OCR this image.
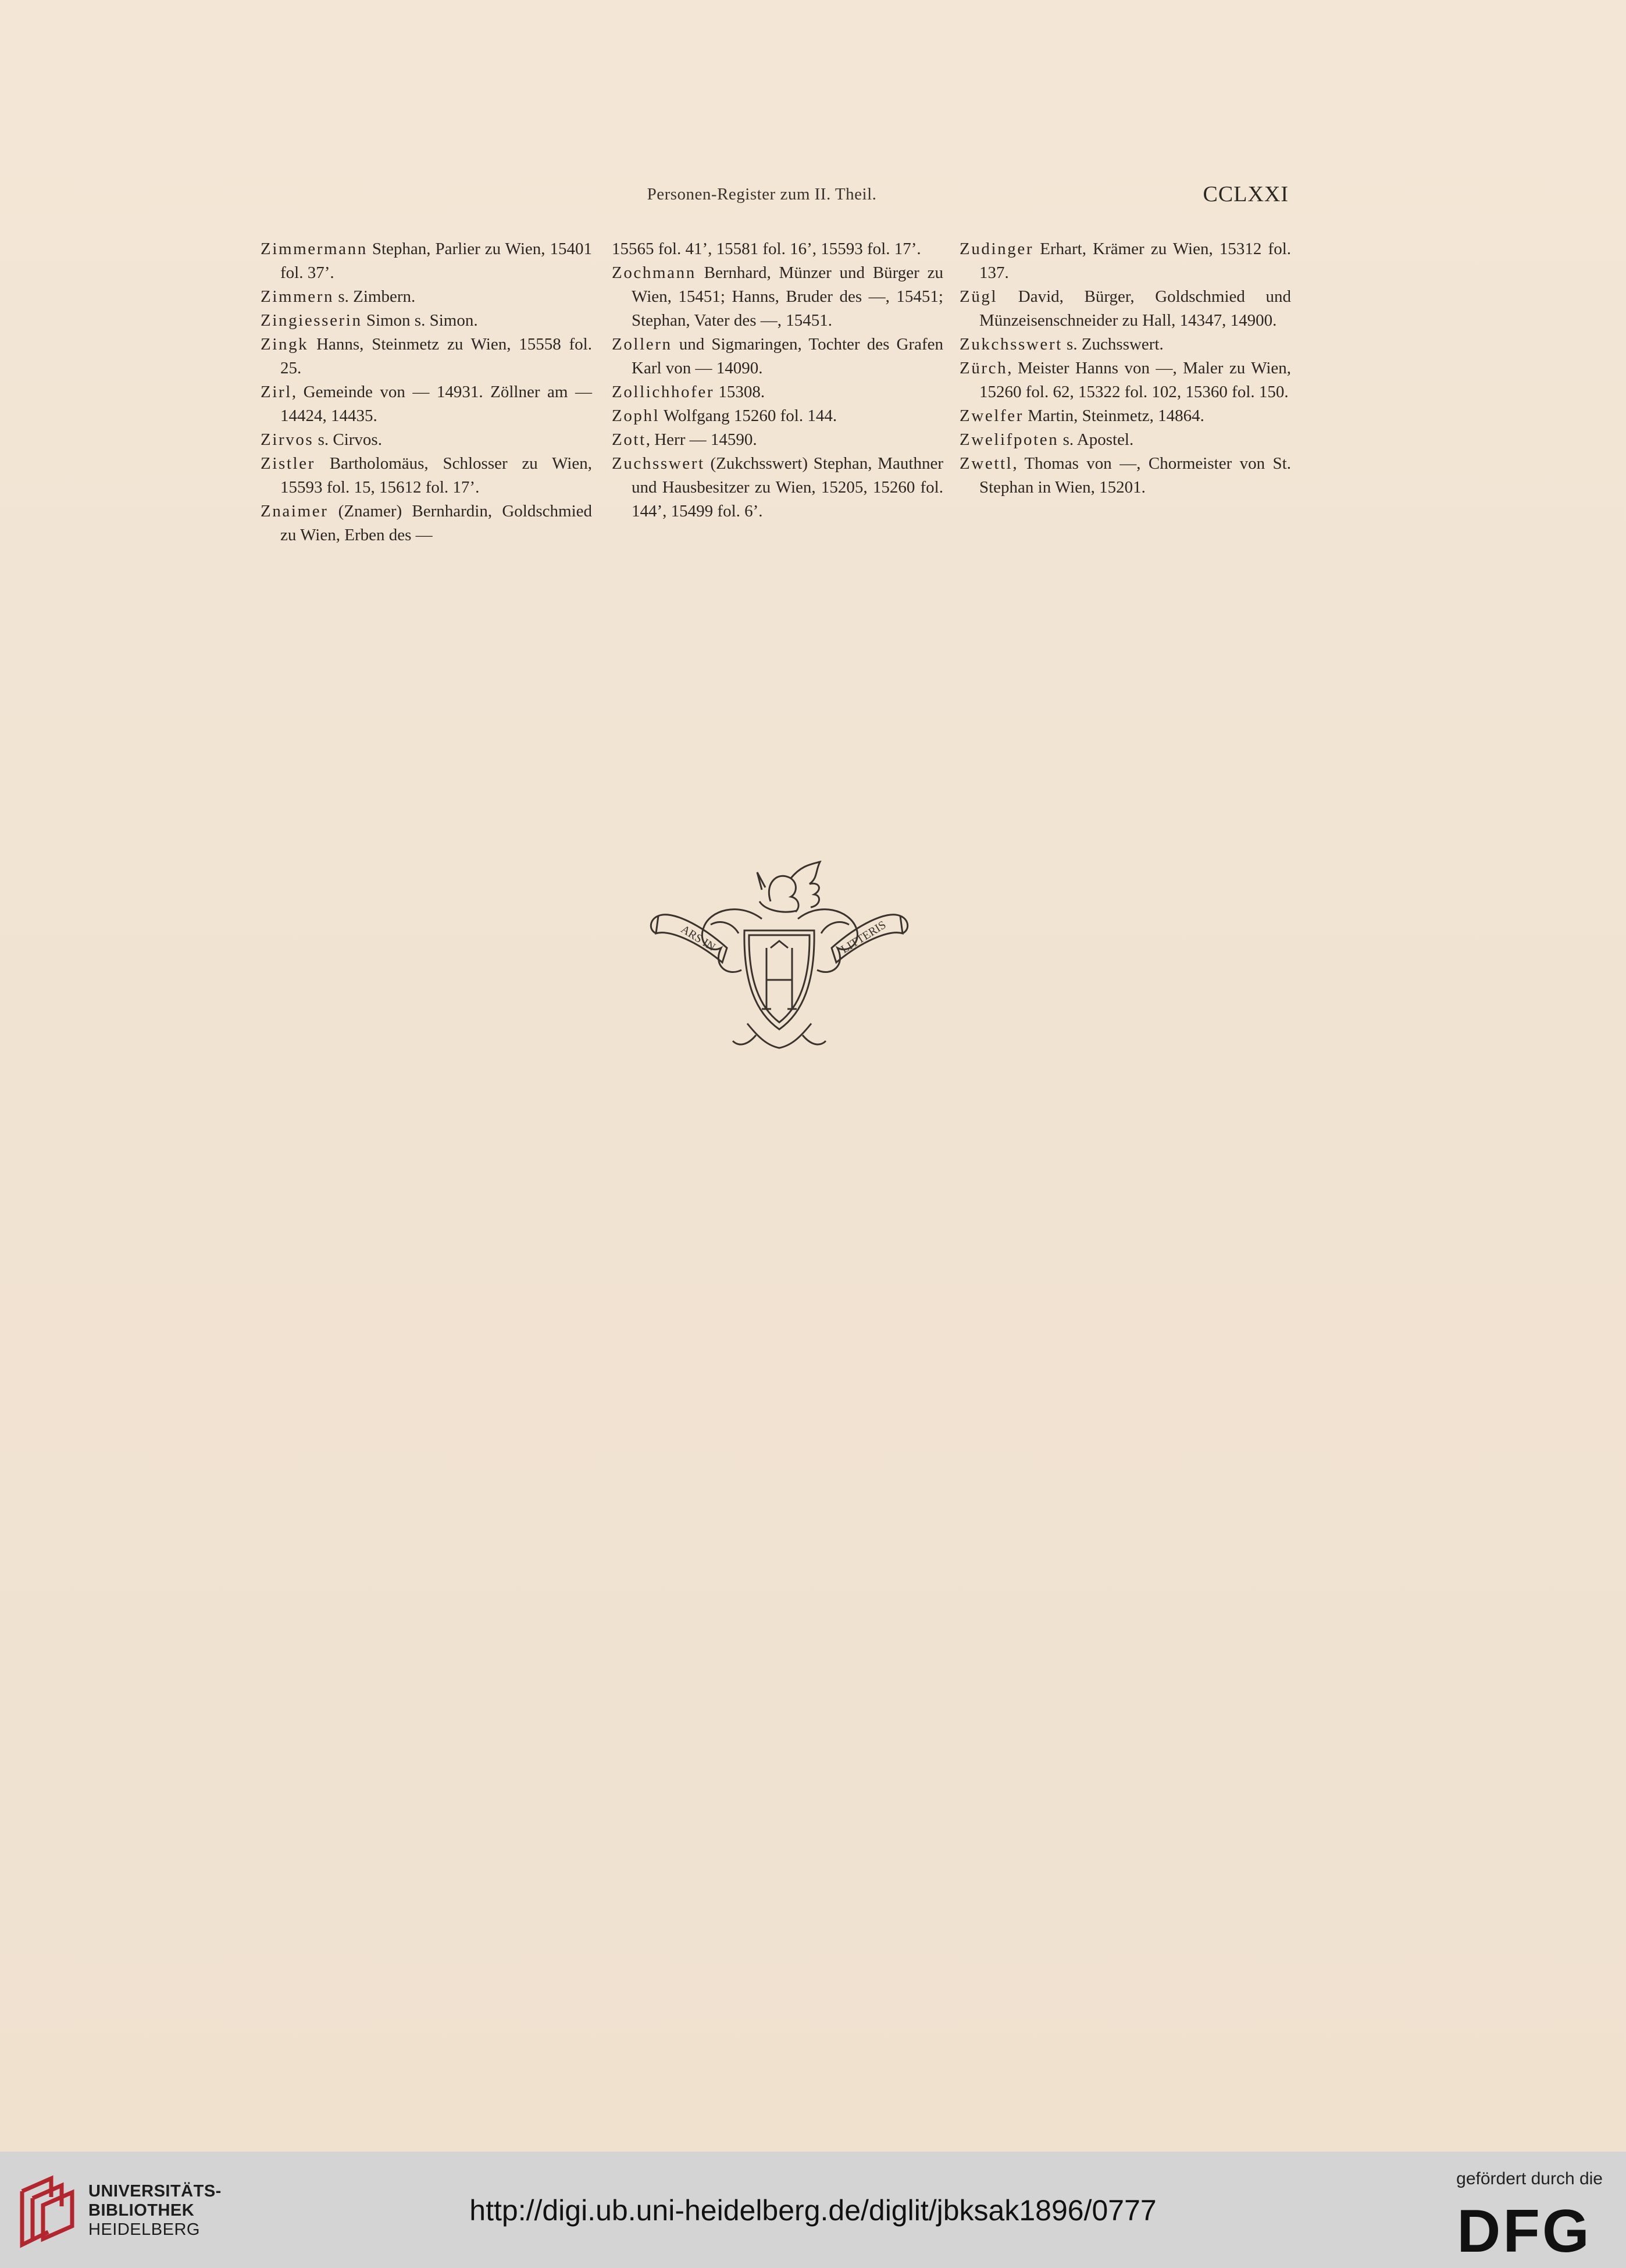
Personen-Register zum II. Theil.	CCLXXI
Zimmermann Stephan, Parlier zu Wien, 15401 fol. 37’.
Zimmern s. Zimbern.
Zingiesserin Simon s. Simon.
Zingk Hanns, Steinmetz zu Wien, 15558 fol. 25.
Zirl, Gemeinde von — 14931. Zöllner am — 14424, 14435.
Zirvos s. Cirvos.
Zistler Bartholomäus, Schlosser zu Wien, 15593 fol. 15, 15612 fol. 17’.
Znaimer (Znamer) Bernhardin, Goldschmied zu Wien, Erben des —
15565 fol. 41’, 15581 fol. 16’, 15593 fol. 17’.
Zochmann Bernhard, Münzer und Bürger zu Wien, 15451; Hanns, Bruder des —, 15451; Stephan, Vater des —, 15451.
Zollern und Sigmaringen, Tochter des Grafen Karl von — 14090.
Zollichhofer 15308.
Zophl Wolfgang 15260 fol. 144.
Zott, Herr — 14590.
Zuchsswert (Zukchsswert) Stephan, Mauthner und Hausbesitzer zu Wien, 15205, 15260 fol. 144’, 15499 fol. 6’.
Zudinger Erhart, Krämer zu Wien, 15312 fol. 137.
Zügl David, Bürger, Goldschmied und Münzeisenschneider zu Hall, 14347, 14900.
Zukchsswert s. Zuchsswert.
Zürch, Meister Hanns von —, Maler zu Wien, 15260 fol. 62, 15322 fol. 102, 15360 fol. 150.
Zwelfer Martin, Steinmetz, 14864.
Zwelifpoten s. Apostel.
Zwettl, Thomas von —, Chormeister von St. Stephan in Wien, 15201.
ARS IN	LITTERIS
UNIVERSITÄTS-
BIBLIOTHEK
HEIDELBERG
http://digi.ub.uni-heidelberg.de/diglit/jbksak1896/0777
gefördert durch die
DFG
